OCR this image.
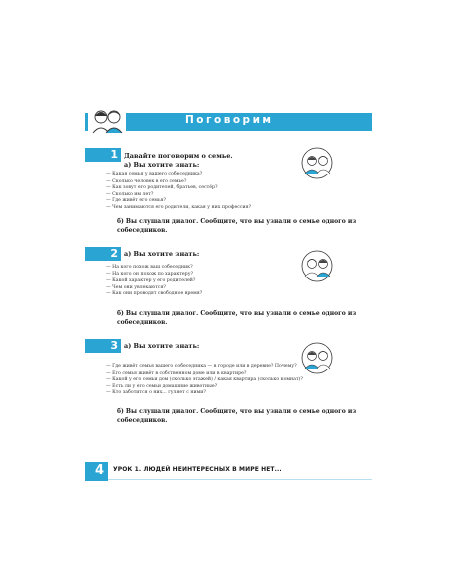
Поговорим
1 Давайте поговорим о семье.
а) Вы хотите знать:
— Какая семья у вашего собеседника?
— Сколько человек в его семье?
— Как зовут его родителей, братьев, сестёр?
— Сколько им лет?
— Где живёт его семья?
— Чем занимаются его родители, какая у них профессия?
б) Вы слушали диалог. Сообщите, что вы узнали о семье одного из собеседников.
2 а) Вы хотите знать:
— На кого похож ваш собеседник?
— На кого он похож по характеру?
— Какой характер у его родителей?
— Чем они увлекаются?
— Как они проводят свободное время?
б) Вы слушали диалог. Сообщите, что вы узнали о семье одного из собеседников.
3 а) Вы хотите знать:
— Где живёт семья вашего собеседника — в городе или в деревне? Почему?
— Его семья живёт в собственном доме или в квартире?
— Какой у его семьи дом (сколько этажей) / какая квартира (сколько комнат)?
— Есть ли у его семьи домашние животные?
— Кто заботится о них... гуляет с ними?
б) Вы слушали диалог. Сообщите, что вы узнали о семье одного из собеседников.
4 УРОК 1. ЛЮДЕЙ НЕИНТЕРЕСНЫХ В МИРЕ НЕТ...
